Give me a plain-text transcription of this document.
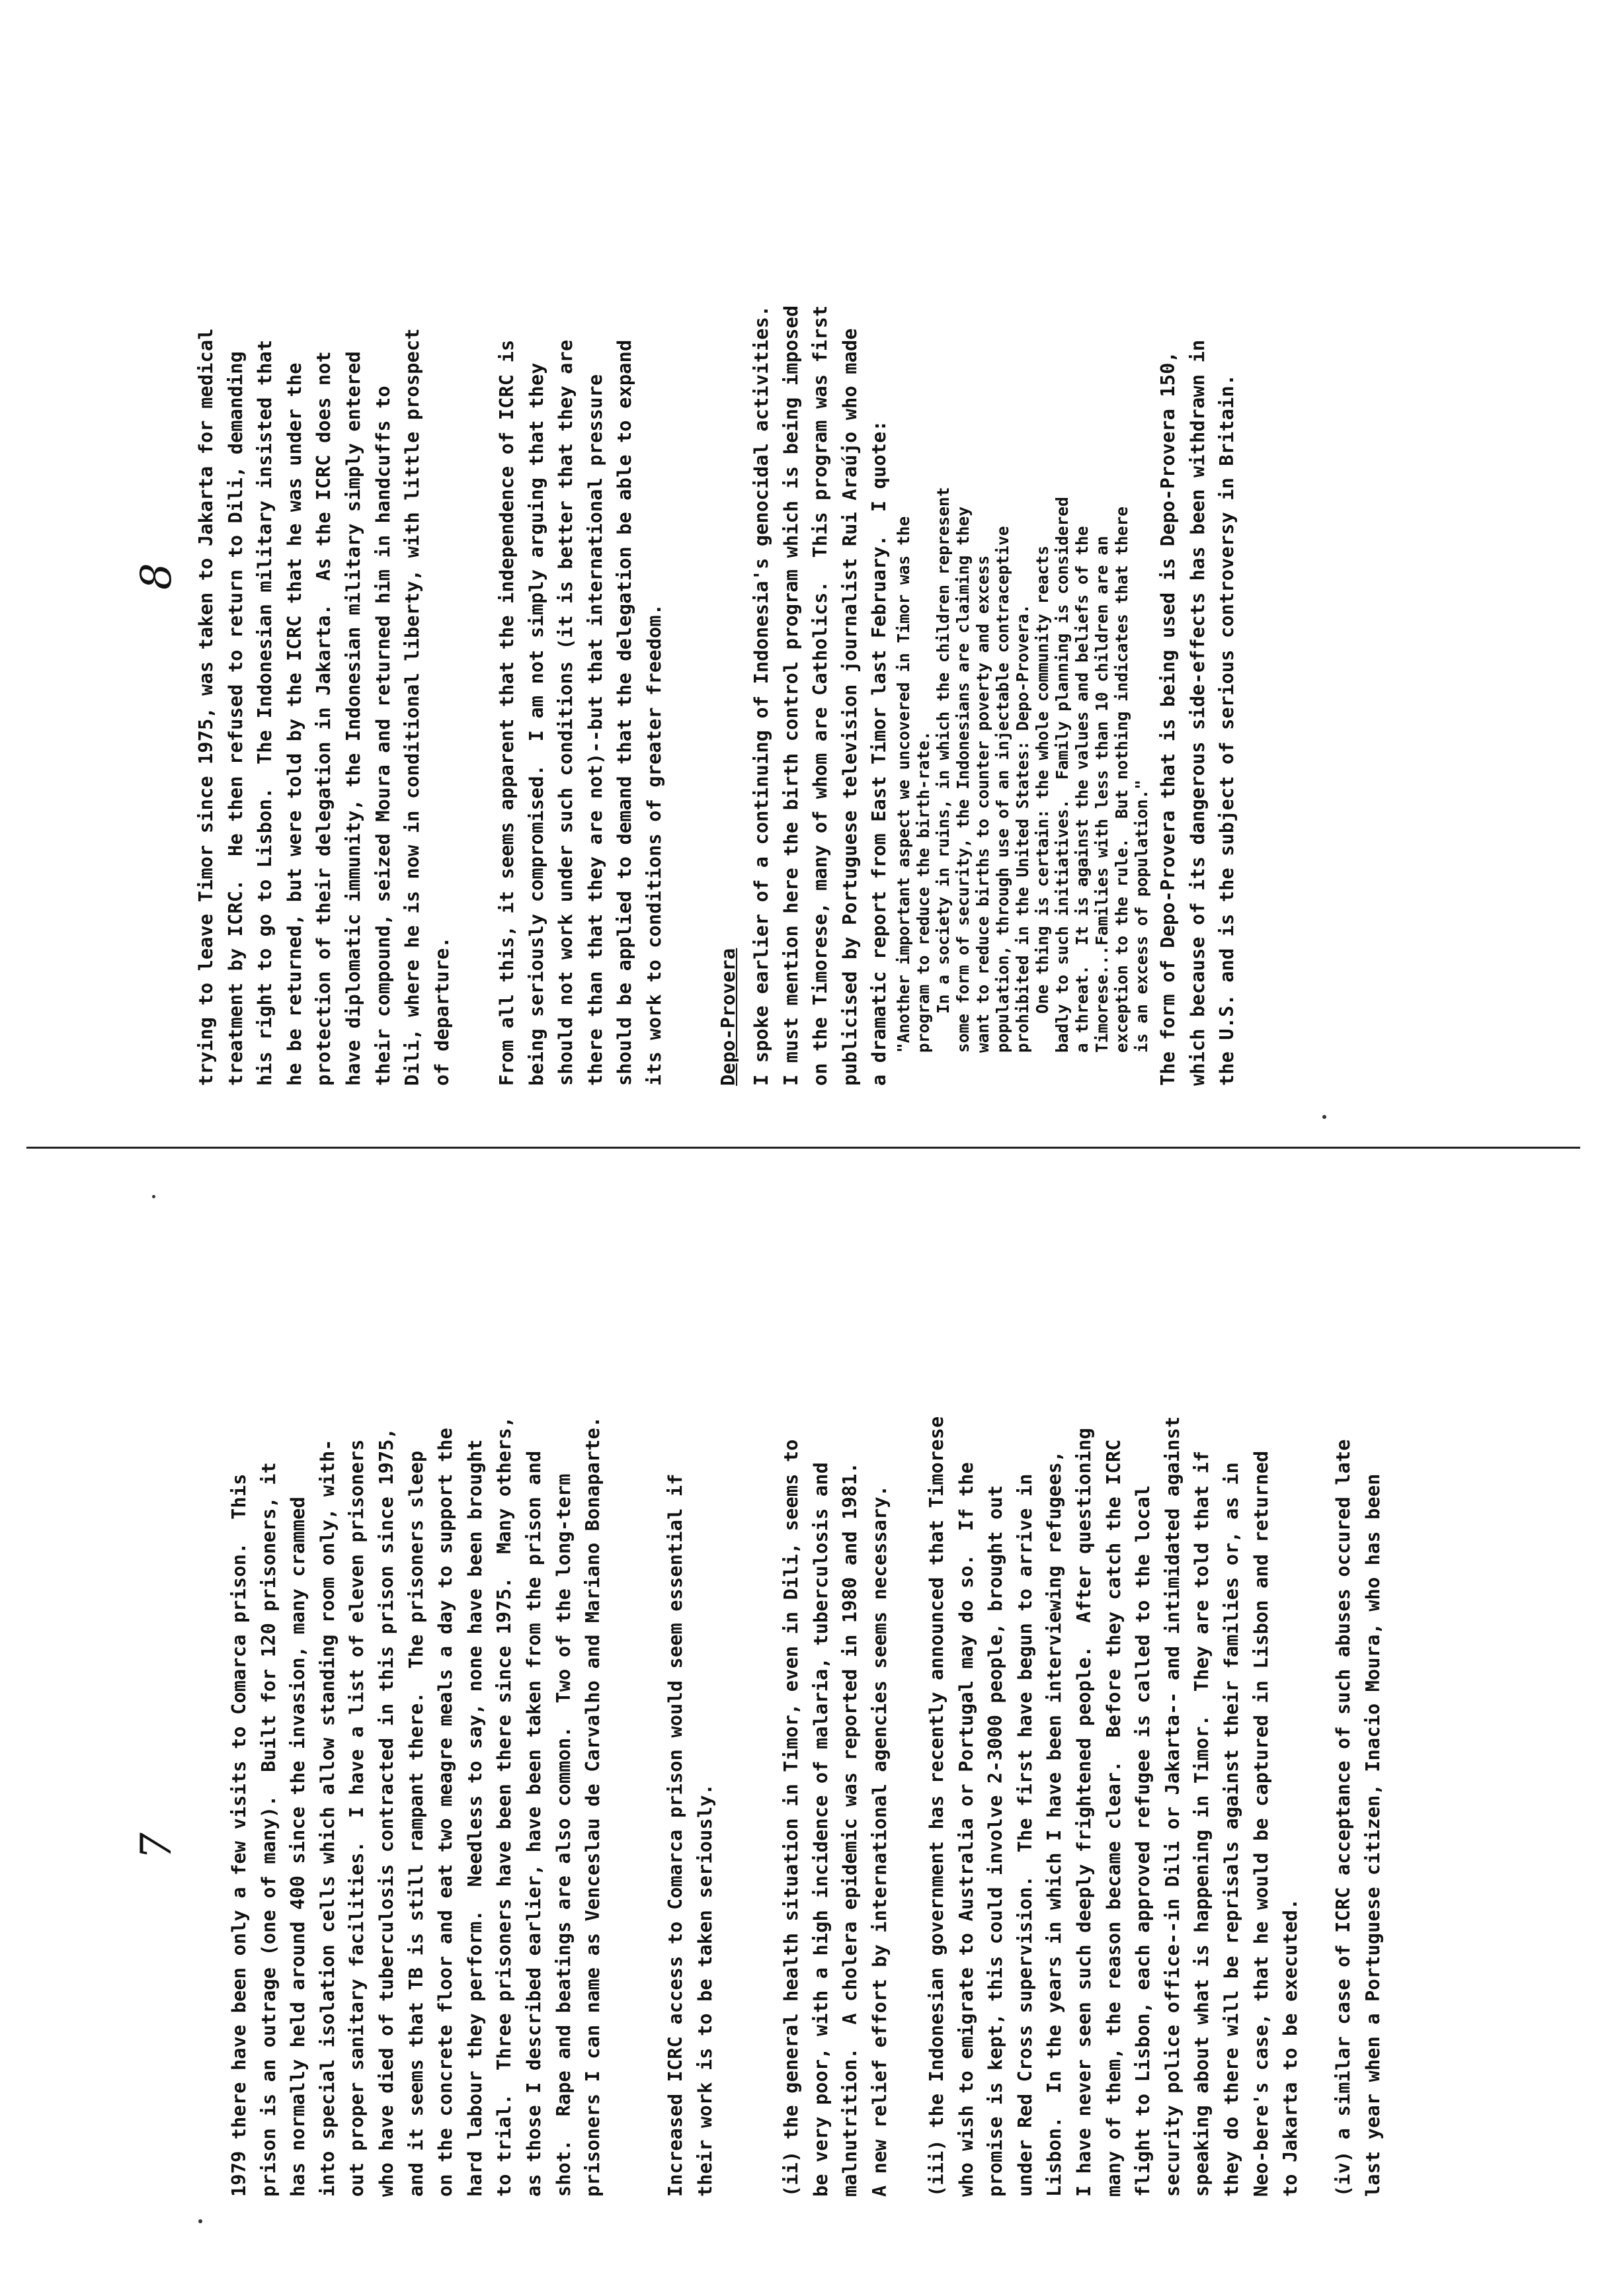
7
8
1979 there have been only a few visits to Comarca prison.  This
prison is an outrage (one of many).  Built for 120 prisoners, it
has normally held around 400 since the invasion, many crammed
into special isolation cells which allow standing room only, with-
out proper sanitary facilities.  I have a list of eleven prisoners
who have died of tuberculosis contracted in this prison since 1975,
and it seems that TB is still rampant there.  The prisoners sleep
on the concrete floor and eat two meagre meals a day to support the
hard labour they perform.  Needless to say, none have been brought
to trial.  Three prisoners have been there since 1975.  Many others,
as those I described earlier, have been taken from the prison and
shot.  Rape and beatings are also common.  Two of the long-term
prisoners I can name as Venceslau de Carvalho and Mariano Bonaparte.
Increased ICRC access to Comarca prison would seem essential if
their work is to be taken seriously.
(ii) the general health situation in Timor, even in Dili, seems to
be very poor, with a high incidence of malaria, tuberculosis and
malnutrition.  A cholera epidemic was reported in 1980 and 1981.
A new relief effort by international agencies seems necessary.
(iii) the Indonesian government has recently announced that Timorese
who wish to emigrate to Australia or Portugal may do so.  If the
promise is kept, this could involve 2-3000 people, brought out
under Red Cross supervision.  The first have begun to arrive in
Lisbon.  In the years in which I have been interviewing refugees,
I have never seen such deeply frightened people.  After questioning
many of them, the reason became clear.  Before they catch the ICRC
flight to Lisbon, each approved refugee is called to the local
security police office--in Dili or Jakarta-- and intimidated against
speaking about what is happening in Timor.  They are told that if
they do there will be reprisals against their families or, as in
Neo-bere's case, that he would be captured in Lisbon and returned
to Jakarta to be executed.
(iv) a similar case of ICRC acceptance of such abuses occured late
last year when a Portuguese citizen, Inacio Moura, who has been
trying to leave Timor since 1975, was taken to Jakarta for medical
treatment by ICRC.  He then refused to return to Dili, demanding
his right to go to Lisbon.  The Indonesian military insisted that
he be returned, but were told by the ICRC that he was under the
protection of their delegation in Jakarta.  As the ICRC does not
have diplomatic immunity, the Indonesian military simply entered
their compound, seized Moura and returned him in handcuffs to
Dili, where he is now in conditional liberty, with little prospect
of departure.
From all this, it seems apparent that the independence of ICRC is
being seriously compromised.  I am not simply arguing that they
should not work under such conditions (it is better that they are
there than that they are not)--but that international pressure
should be applied to demand that the delegation be able to expand
its work to conditions of greater freedom.
Depo-Provera I spoke earlier of a continuing of Indonesia's genocidal activities.
I must mention here the birth control program which is being imposed
on the Timorese, many of whom are Catholics.  This program was first
publicised by Portuguese television journalist Rui Araújo who made
a dramatic report from East Timor last February.  I quote:
"Another important aspect we uncovered in Timor was the
program to reduce the birth-rate.
In a society in ruins, in which the children represent
some form of security, the Indonesians are claiming they
want to reduce births to counter poverty and excess
population, through use of an injectable contraceptive
prohibited in the United States: Depo-Provera.
One thing is certain: the whole community reacts
badly to such initiatives.  Family planning is considered
a threat.  It is against the values and beliefs of the
Timorese...Families with less than 10 children are an
exception to the rule.  But nothing indicates that there
is an excess of population."
The form of Depo-Provera that is being used is Depo-Provera 150,
which because of its dangerous side-effects has been withdrawn in
the U.S. and is the subject of serious controversy in Britain.
